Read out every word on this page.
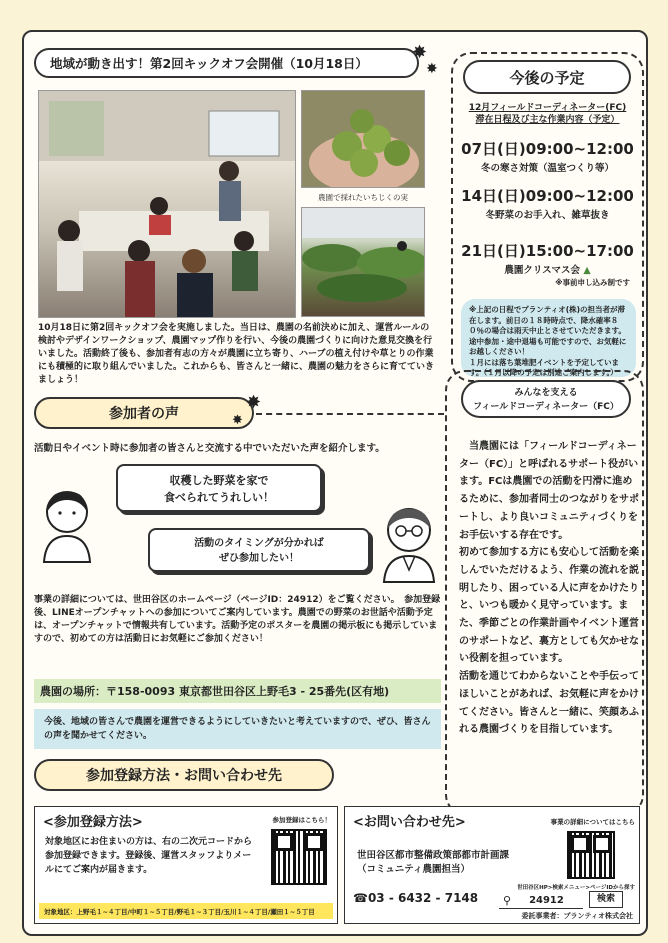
地域が動き出す！第2回キックオフ会開催（10月18日）
✸
✸
農園で採れたいちじくの実
10月18日に第2回キックオフ会を実施しました。当日は、農園の名前決めに加え、運営ルールの検討やデザインワークショップ、農園マップ作りを行い、今後の農園づくりに向けた意見交換を行いました。活動終了後も、参加者有志の方々が農園に立ち寄り、ハーブの植え付けや草とりの作業にも積極的に取り組んでいました。これからも、皆さんと一緒に、農園の魅力をさらに育てていきましょう！
今後の予定
12月フィールドコーディネーター(FC)
滞在日程及び主な作業内容（予定）
07日(日)09:00~12:00
冬の寒さ対策（温室つくり等）
14日(日)09:00~12:00
冬野菜のお手入れ、雑草抜き
21日(日)15:00~17:00
農園クリスマス会 ▲
※事前申し込み制です
※上記の日程でプランティオ(株)の担当者が滞在します。前日の１８時時点で、降水確率８０％の場合は雨天中止とさせていただきます。途中参加・途中退場も可能ですので、お気軽にお越しください！
１月には落ち葉堆肥イベントを予定しています。（１月以降の予定は別途ご案内します。）
参加者の声
✸
✸
活動日やイベント時に参加者の皆さんと交流する中でいただいた声を紹介します。
収穫した野菜を家で
食べられてうれしい！
活動のタイミングが分かれば
ぜひ参加したい！
事業の詳細については、世田谷区のホームページ（ページID：24912）をご覧ください。　参加登録後、LINEオープンチャットへの参加についてご案内しています。農園での野菜のお世話や活動予定は、オープンチャットで情報共有しています。活動予定のポスターを農園の掲示板にも掲示していますので、初めての方は活動日にお気軽にご参加ください！
農園の場所：〒158-0093 東京都世田谷区上野毛3 - 25番先(区有地)
今後、地域の皆さんで農園を運営できるようにしていきたいと考えていますので、ぜひ、皆さんの声を聞かせてください。
みんなを支える
フィールドコーディネーター（FC）
当農園には「フィールドコーディネーター（FC）」と呼ばれるサポート役がいます。FCは農園での活動を円滑に進めるために、参加者同士のつながりをサポートし、より良いコミュニティづくりをお手伝いする存在です。
初めて参加する方にも安心して活動を楽しんでいただけるよう、作業の流れを説明したり、困っている人に声をかけたりと、いつも暖かく見守っています。また、季節ごとの作業計画やイベント運営のサポートなど、裏方としても欠かせない役割を担っています。
活動を通じてわからないことや手伝ってほしいことがあれば、お気軽に声をかけてください。皆さんと一緒に、笑顔あふれる農園づくりを目指しています。
参加登録方法・お問い合わせ先
<参加登録方法>	参加登録はこちら！
対象地区にお住まいの方は、右の二次元コードから参加登録できます。登録後、運営スタッフよりメールにてご案内が届きます。
対象地区：上野毛１~４丁目/中町１~５丁目/野毛１~３丁目/玉川１~４丁目/瀬田１~５丁目
<お問い合わせ先>	事業の詳細についてはこちら
世田谷区都市整備政策部都市計画課
（コミュニティ農園担当）
世田谷区HP>検索メニュー>ページIDから探す
☎03 - 6432 - 7148 ⚲ 24912	検索
委託事業者：プランティオ株式会社
